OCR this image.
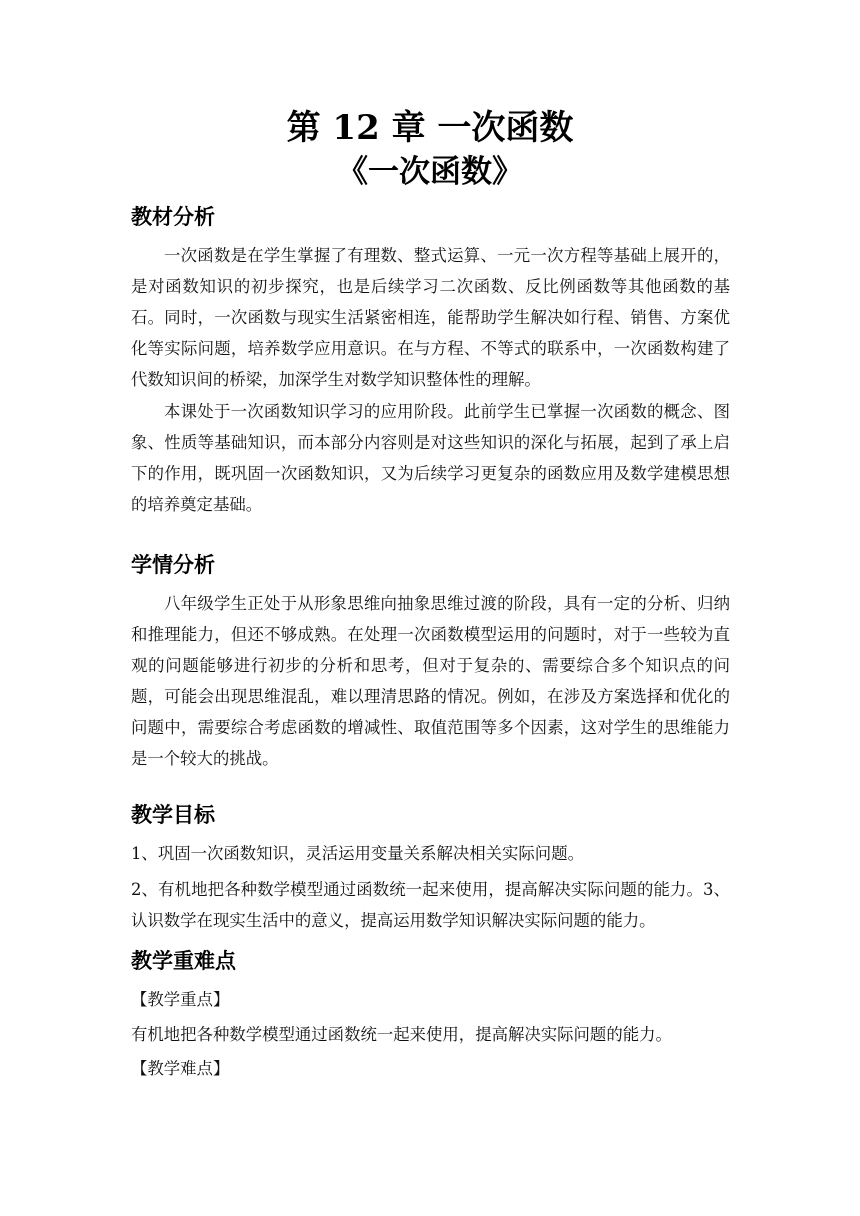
第 12 章 一次函数
《一次函数》
教材分析

一次函数是在学生掌握了有理数、整式运算、一元一次方程等基础上展开的，是对函数知识的初步探究，也是后续学习二次函数、反比例函数等其他函数的基石。同时，一次函数与现实生活紧密相连，能帮助学生解决如行程、销售、方案优化等实际问题，培养数学应用意识。在与方程、不等式的联系中，一次函数构建了代数知识间的桥梁，加深学生对数学知识整体性的理解。

本课处于一次函数知识学习的应用阶段。此前学生已掌握一次函数的概念、图象、性质等基础知识，而本部分内容则是对这些知识的深化与拓展，起到了承上启下的作用，既巩固一次函数知识，又为后续学习更复杂的函数应用及数学建模思想的培养奠定基础。

学情分析

八年级学生正处于从形象思维向抽象思维过渡的阶段，具有一定的分析、归纳和推理能力，但还不够成熟。在处理一次函数模型运用的问题时，对于一些较为直观的问题能够进行初步的分析和思考，但对于复杂的、需要综合多个知识点的问题，可能会出现思维混乱，难以理清思路的情况。例如，在涉及方案选择和优化的问题中，需要综合考虑函数的增减性、取值范围等多个因素，这对学生的思维能力是一个较大的挑战。

教学目标

1、巩固一次函数知识，灵活运用变量关系解决相关实际问题。

2、有机地把各种数学模型通过函数统一起来使用，提高解决实际问题的能力。3、认识数学在现实生活中的意义，提高运用数学知识解决实际问题的能力。

教学重难点

【教学重点】

有机地把各种数学模型通过函数统一起来使用，提高解决实际问题的能力。

【教学难点】
